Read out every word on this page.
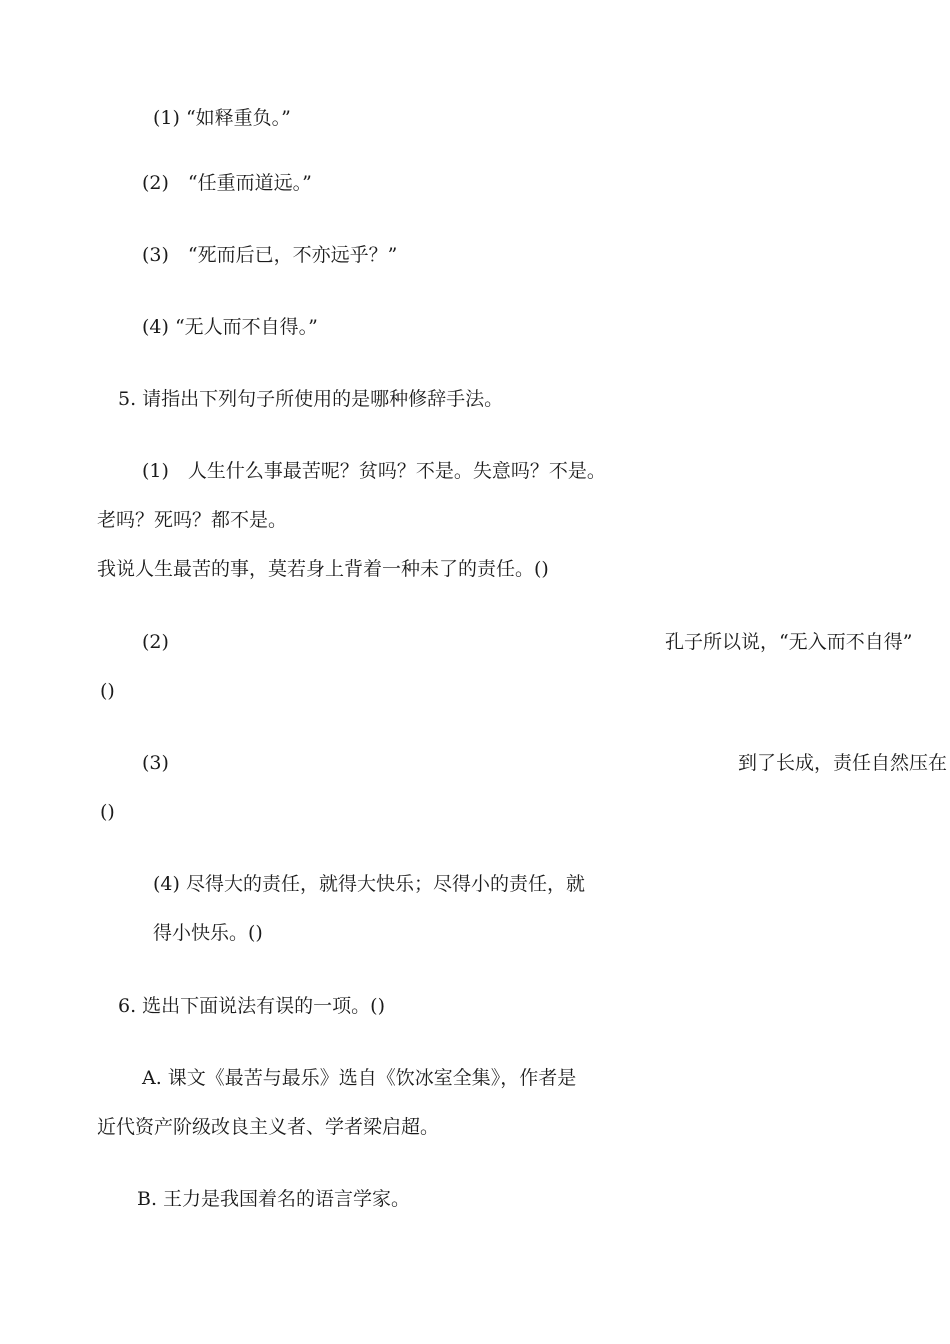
(1) “如释重负。”
(2)　“任重而道远。”
(3)　“死而后已，不亦远乎？”
(4) “无人而不自得。”
5. 请指出下列句子所使用的是哪种修辞手法。
(1)　人生什么事最苦呢？贫吗？不是。失意吗？不是。
老吗？死吗？都不是。
我说人生最苦的事，莫若身上背着一种未了的责任。()
(2)	孔子所以说，“无入而不自得”
()
(3)	到了长成，责任自然压在
()
(4) 尽得大的责任，就得大快乐；尽得小的责任，就
得小快乐。()
6. 选出下面说法有误的一项。()
A. 课文《最苦与最乐》选自《饮冰室全集》，作者是
近代资产阶级改良主义者、学者梁启超。
B. 王力是我国着名的语言学家。
